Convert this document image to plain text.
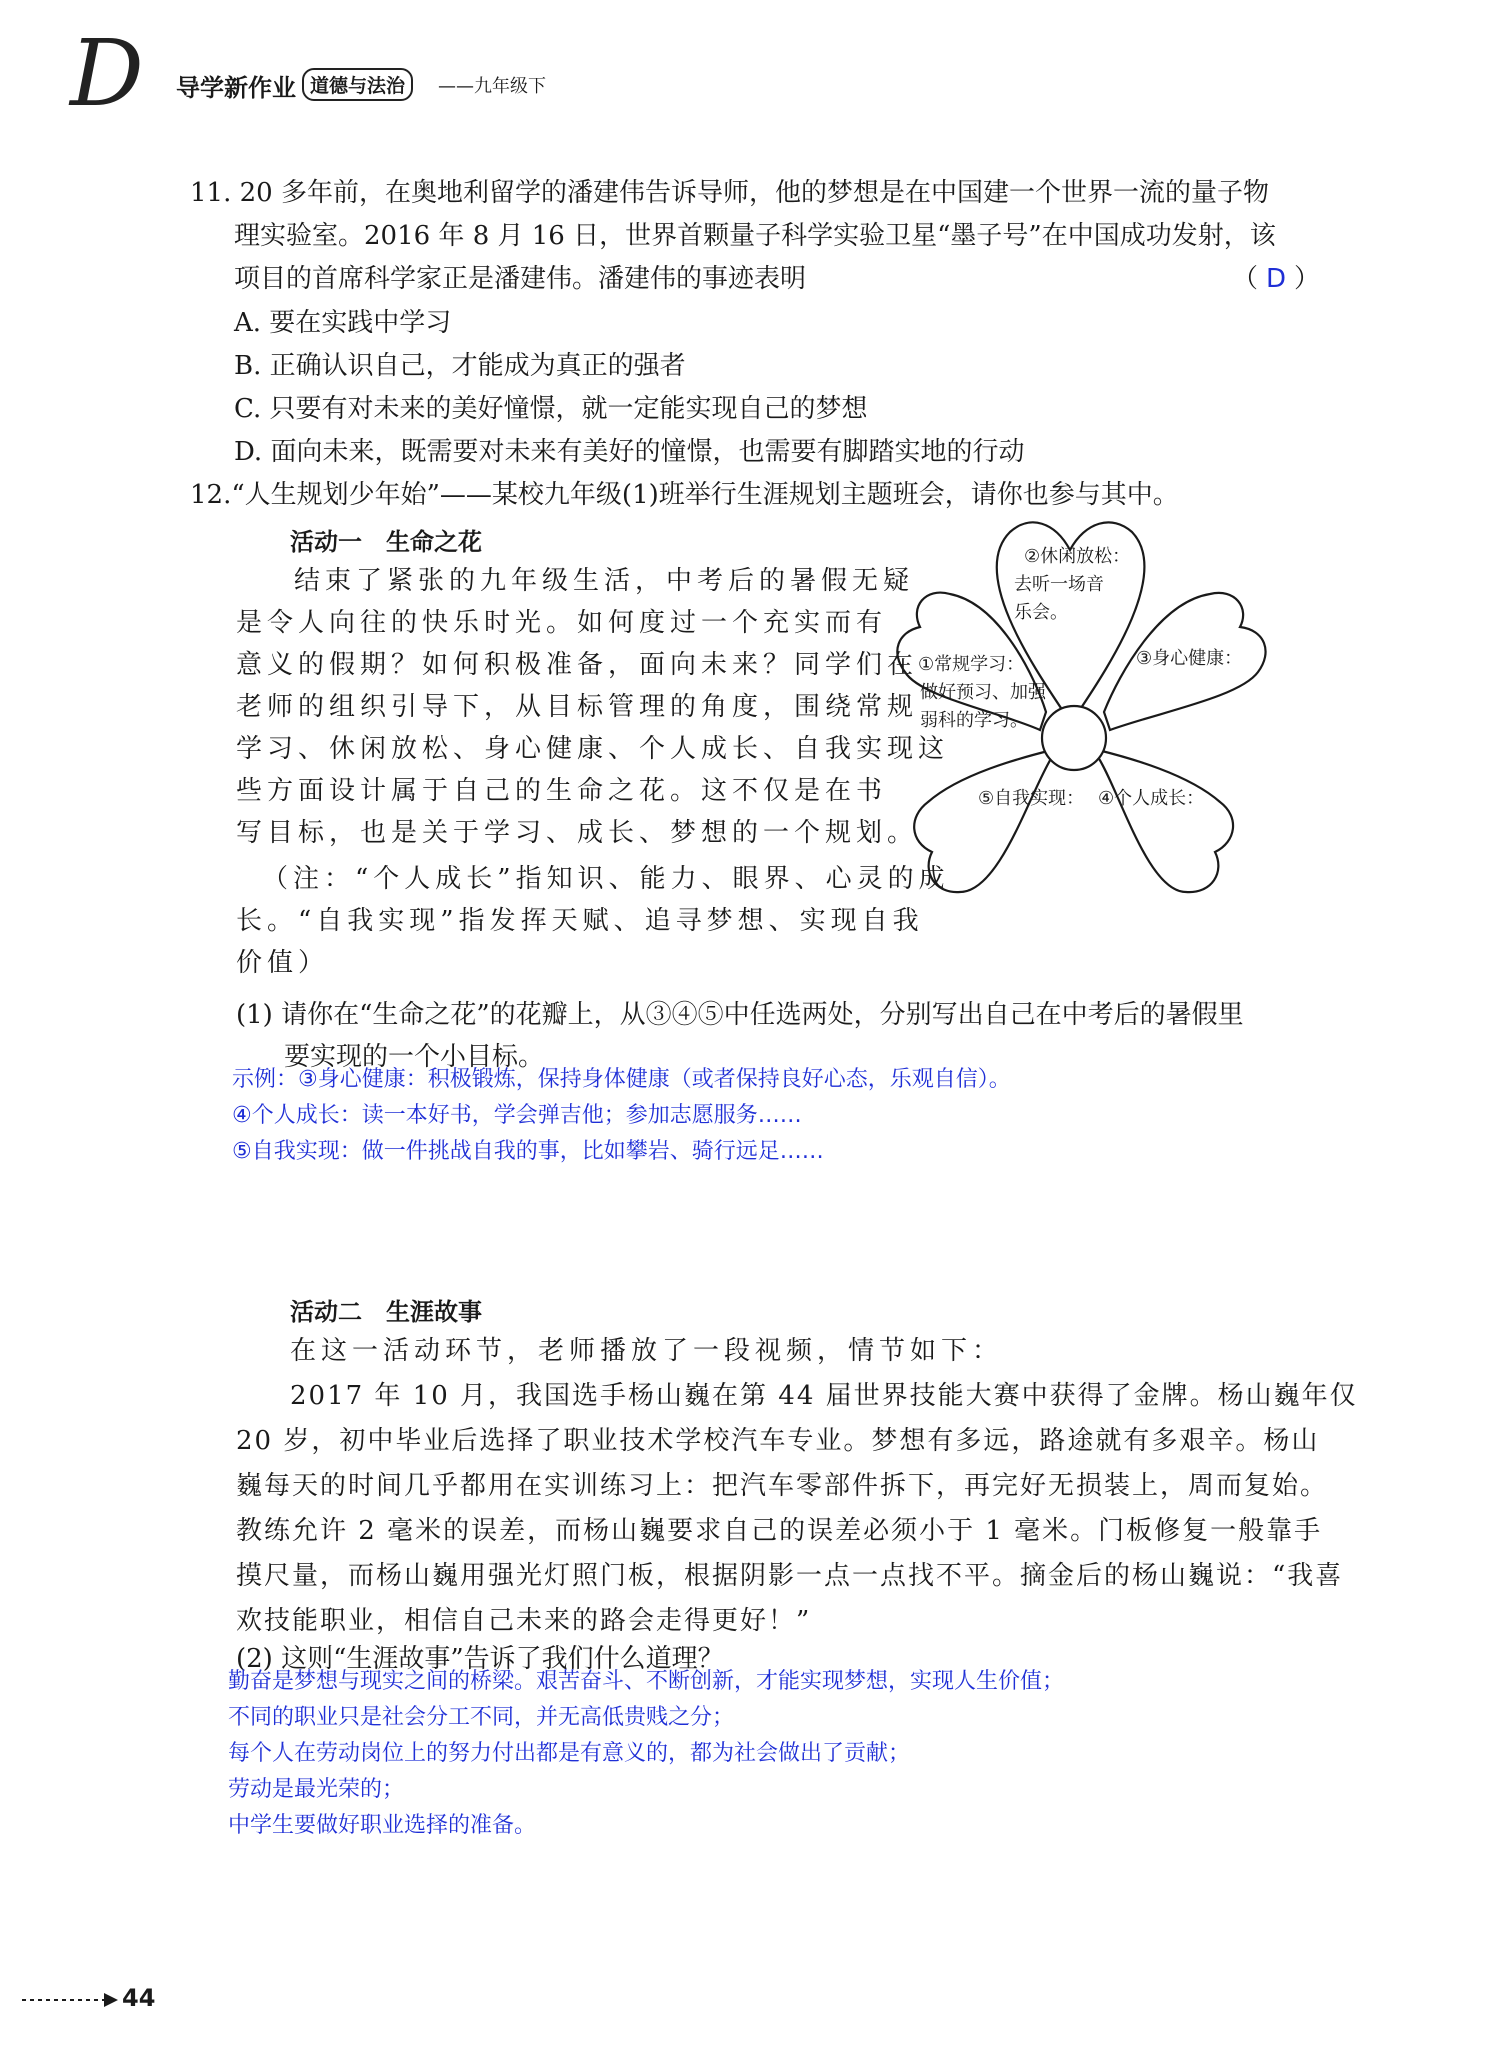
D 导学新作业 道德与法治	——九年级下
11. 20 多年前，在奥地利留学的潘建伟告诉导师，他的梦想是在中国建一个世界一流的量子物
理实验室。2016 年 8 月 16 日，世界首颗量子科学实验卫星“墨子号”在中国成功发射，该
项目的首席科学家正是潘建伟。潘建伟的事迹表明	（ D ）
A. 要在实践中学习
B. 正确认识自己，才能成为真正的强者
C. 只要有对未来的美好憧憬，就一定能实现自己的梦想
D. 面向未来，既需要对未来有美好的憧憬，也需要有脚踏实地的行动
12.“人生规划少年始”——某校九年级(1)班举行生涯规划主题班会，请你也参与其中。
活动一　生命之花
结束了紧张的九年级生活，中考后的暑假无疑
是令人向往的快乐时光。如何度过一个充实而有
意义的假期？如何积极准备，面向未来？同学们在
老师的组织引导下，从目标管理的角度，围绕常规
学习、休闲放松、身心健康、个人成长、自我实现这
些方面设计属于自己的生命之花。这不仅是在书
写目标，也是关于学习、成长、梦想的一个规划。
（注：“个人成长”指知识、能力、眼界、心灵的成
长。“自我实现”指发挥天赋、追寻梦想、实现自我
价值）
②休闲放松：
去听一场音
乐会。
①常规学习：
做好预习、加强
弱科的学习。
③身心健康：
⑤自我实现： ④个人成长：
(1) 请你在“生命之花”的花瓣上，从③④⑤中任选两处，分别写出自己在中考后的暑假里
要实现的一个小目标。
示例：③身心健康：积极锻炼，保持身体健康（或者保持良好心态，乐观自信）。
④个人成长：读一本好书，学会弹吉他；参加志愿服务……
⑤自我实现：做一件挑战自我的事，比如攀岩、骑行远足……
活动二　生涯故事
在这一活动环节，老师播放了一段视频，情节如下：
2017 年 10 月，我国选手杨山巍在第 44 届世界技能大赛中获得了金牌。杨山巍年仅
20 岁，初中毕业后选择了职业技术学校汽车专业。梦想有多远，路途就有多艰辛。杨山
巍每天的时间几乎都用在实训练习上：把汽车零部件拆下，再完好无损装上，周而复始。
教练允许 2 毫米的误差，而杨山巍要求自己的误差必须小于 1 毫米。门板修复一般靠手
摸尺量，而杨山巍用强光灯照门板，根据阴影一点一点找不平。摘金后的杨山巍说：“我喜
欢技能职业，相信自己未来的路会走得更好！”
(2) 这则“生涯故事”告诉了我们什么道理？
勤奋是梦想与现实之间的桥梁。艰苦奋斗、不断创新，才能实现梦想，实现人生价值；
不同的职业只是社会分工不同，并无高低贵贱之分；
每个人在劳动岗位上的努力付出都是有意义的，都为社会做出了贡献；
劳动是最光荣的；
中学生要做好职业选择的准备。
44
